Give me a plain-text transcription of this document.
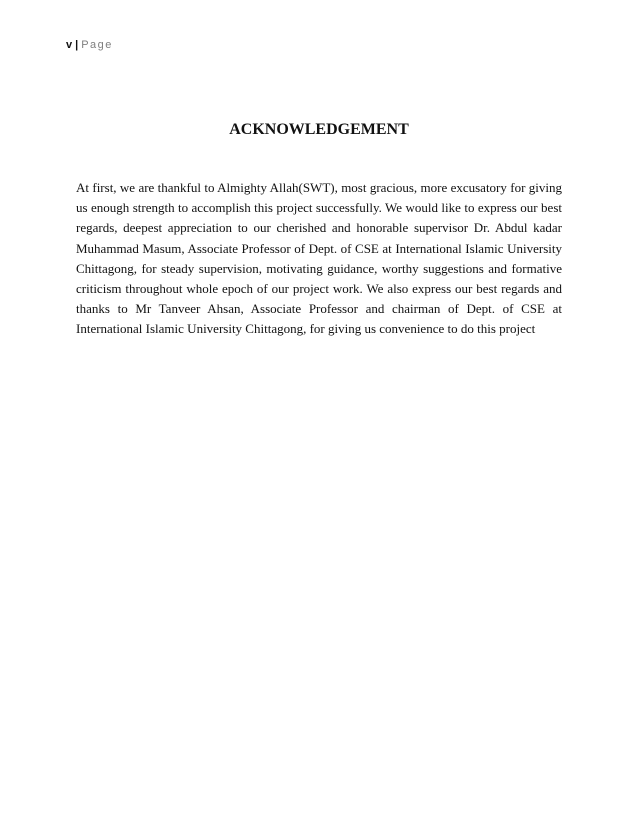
v | Page
ACKNOWLEDGEMENT

At first, we are thankful to Almighty Allah(SWT), most gracious, more excusatory for giving us enough strength to accomplish this project successfully. We would like to express our best regards, deepest appreciation to our cherished and honorable supervisor Dr. Abdul kadar Muhammad Masum, Associate Professor of Dept. of CSE at International Islamic University Chittagong, for steady supervision, motivating guidance, worthy suggestions and formative criticism throughout whole epoch of our project work. We also express our best regards and thanks to Mr Tanveer Ahsan, Associate Professor and chairman of Dept. of CSE at International Islamic University Chittagong, for giving us convenience to do this project
